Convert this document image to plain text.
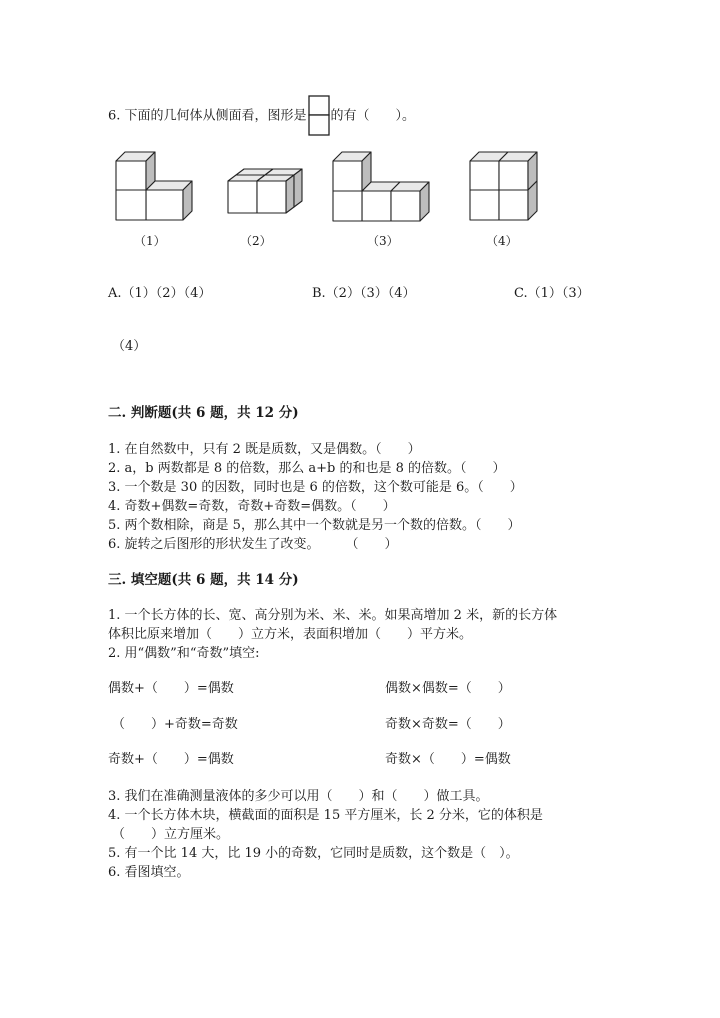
6. 下面的几何体从侧面看，图形是 的有（　　）。
（1）	（2）	（3）	（4）
A.（1）（2）（4）	B.（2）（3）（4）	C.（1）（3）
（4）
二. 判断题(共 6 题，共 12 分)
1. 在自然数中，只有 2 既是质数，又是偶数。（　　）
2. a，b 两数都是 8 的倍数，那么 a+b 的和也是 8 的倍数。（　　）
3. 一个数是 30 的因数，同时也是 6 的倍数，这个数可能是 6。（　　）
4. 奇数+偶数=奇数，奇数+奇数=偶数。（　　）
5. 两个数相除，商是 5，那么其中一个数就是另一个数的倍数。（　　）
6. 旋转之后图形的形状发生了改变。　　　（　　）
三. 填空题(共 6 题，共 14 分)
1. 一个长方体的长、宽、高分别为米、米、米。如果高增加 2 米，新的长方体
体积比原来增加（　　）立方米，表面积增加（　　）平方米。
2. 用“偶数”和“奇数”填空:
偶数+（　　）=偶数	偶数×偶数=（　　）
（　　）+奇数=奇数	奇数×奇数=（　　）
奇数+（　　）=偶数	奇数×（　　）=偶数
3. 我们在准确测量液体的多少可以用（　　）和（　　）做工具。
4. 一个长方体木块，横截面的面积是 15 平方厘米，长 2 分米，它的体积是
（　　）立方厘米。
5. 有一个比 14 大，比 19 小的奇数，它同时是质数，这个数是（　）。
6. 看图填空。
